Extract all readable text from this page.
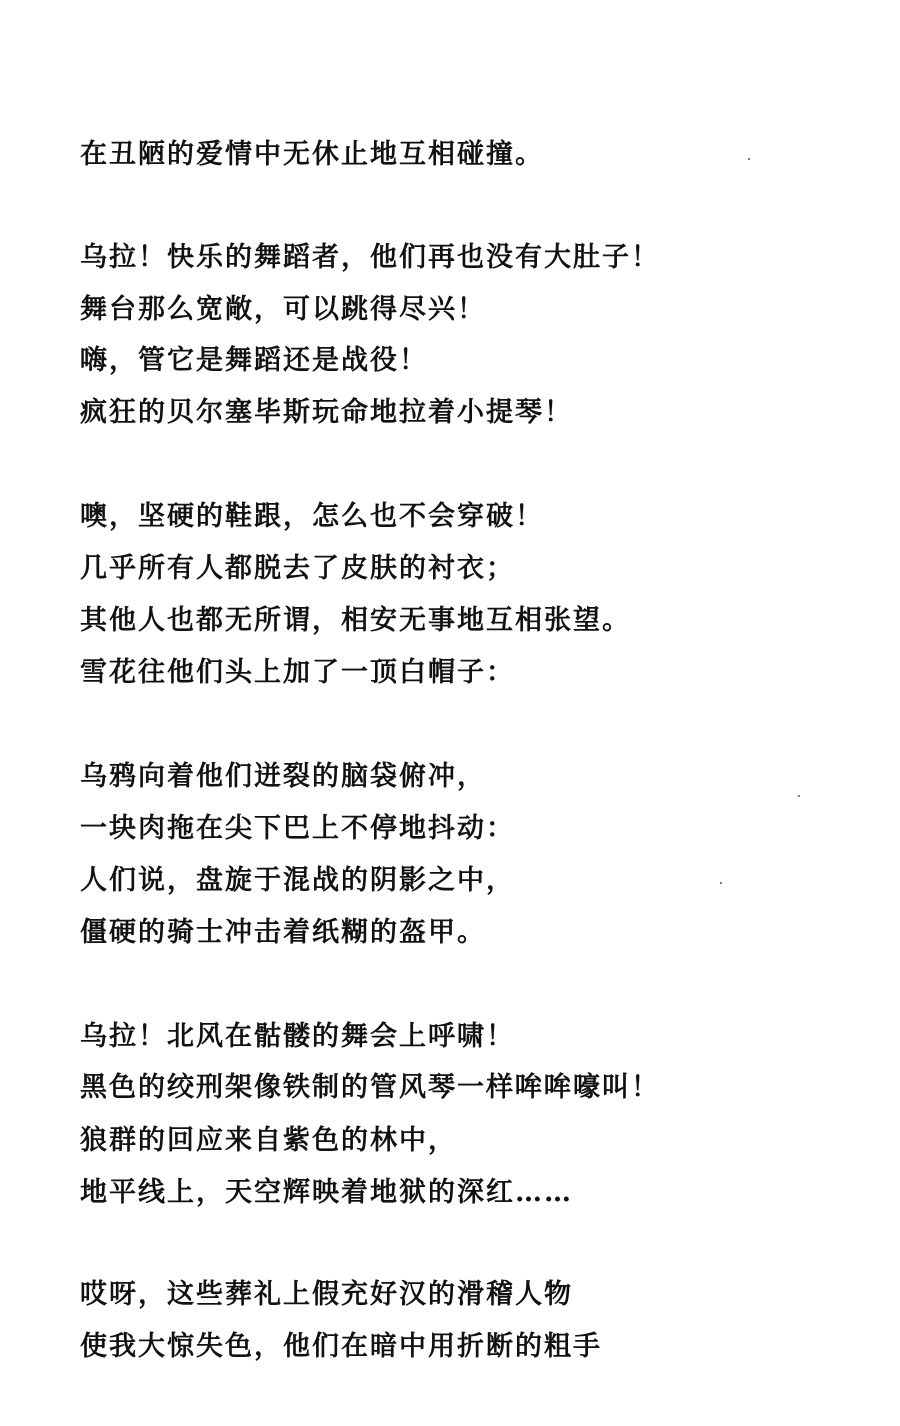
在丑陋的爱情中无休止地互相碰撞。
乌拉！快乐的舞蹈者，他们再也没有大肚子！
舞台那么宽敞，可以跳得尽兴！
嗨，管它是舞蹈还是战役！
疯狂的贝尔塞毕斯玩命地拉着小提琴！
噢，坚硬的鞋跟，怎么也不会穿破！
几乎所有人都脱去了皮肤的衬衣；
其他人也都无所谓，相安无事地互相张望。
雪花往他们头上加了一顶白帽子：
乌鸦向着他们迸裂的脑袋俯冲，
一块肉拖在尖下巴上不停地抖动：
人们说，盘旋于混战的阴影之中，
僵硬的骑士冲击着纸糊的盔甲。
乌拉！北风在骷髅的舞会上呼啸！
黑色的绞刑架像铁制的管风琴一样哞哞嚎叫！
狼群的回应来自紫色的林中，
地平线上，天空辉映着地狱的深红……
哎呀，这些葬礼上假充好汉的滑稽人物
使我大惊失色，他们在暗中用折断的粗手
